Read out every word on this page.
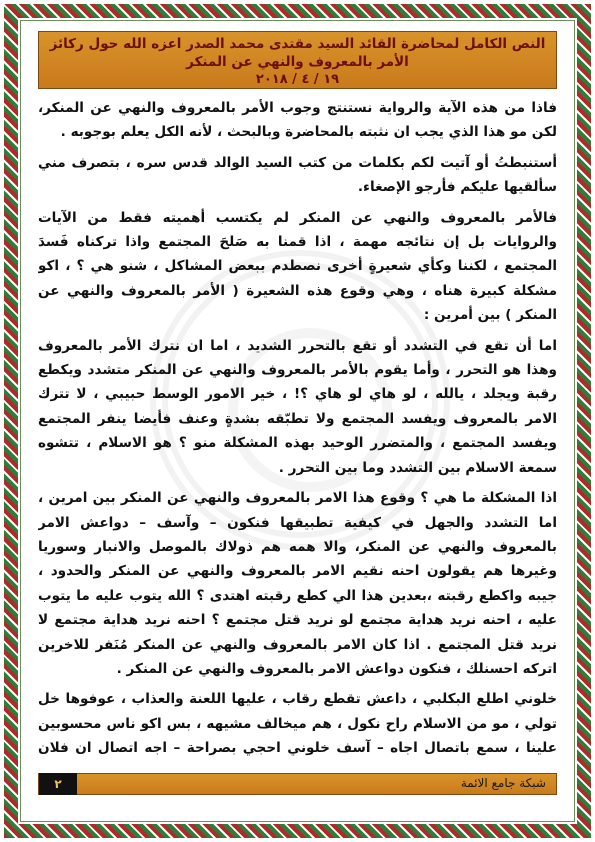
النص الكامل لمحاضرة القائد السيد مقتدى محمد الصدر اعزه الله حول ركائز الأمر بالمعروف والنهي عن المنكر
١٩ / ٤ / ٢٠١٨

فاذا من هذه الآية والرواية نستنتج وجوب الأمر بالمعروف والنهي عن المنكر، لكن مو هذا الذي يجب ان نثبته بالمحاضرة وبالبحث ، لأنه الكل يعلم بوجوبه .

أستنبطتُ أو آتيت لكم بكلمات من كتب السيد الوالد قدس سره ، بتصرف مني سألقيها عليكم فأرجو الإصغاء.

فالأمر بالمعروف والنهي عن المنكر لم يكتسب أهميته فقط من الآيات والروايات بل إن نتائجه مهمة ، اذا قمنا به صَلحَ المجتمع واذا تركناه فَسدَ المجتمع ، لكننا وكأي شعيرةٍ أخرى نصطدم ببعض المشاكل ، شنو هي ؟ ، اكو مشكلة كبيرة هناه ، وهي وقوع هذه الشعيرة ( الأمر بالمعروف والنهي عن المنكر ) بين أمرين :

اما أن تقع في التشدد أو تقع بالتحرر الشديد ، اما ان نترك الأمر بالمعروف وهذا هو التحرر ، وأما يقوم بالأمر بالمعروف والنهي عن المنكر متشدد ويكطع رقبة ويجلد ، يالله ، لو هاي لو هاي ؟! ، خير الامور الوسط حبيبي ، لا تترك الامر بالمعروف ويفسد المجتمع ولا تطبّقه بشدةٍ وعنف فأيضا ينفر المجتمع ويفسد المجتمع ، والمتضرر الوحيد بهذه المشكلة منو ؟ هو الاسلام ، تتشوه سمعة الاسلام بين التشدد وما بين التحرر .

اذا المشكلة ما هي ؟ وقوع هذا الامر بالمعروف والنهي عن المنكر بين امرين ، اما التشدد والجهل في كيفية تطبيقها فنكون – وآسف – دواعش الامر بالمعروف والنهي عن المنكر، والا همه هم ذولاك بالموصل والانبار وسوريا وغيرها هم يقولون احنه نقيم الامر بالمعروف والنهي عن المنكر والحدود ، جيبه واكطع رقبته ،بعدين هذا الي كطع رقبته اهتدى ؟ الله يتوب عليه ما يتوب عليه ، احنه نريد هداية مجتمع لو نريد قتل مجتمع ؟ احنه نريد هداية مجتمع لا نريد قتل المجتمع . اذا كان الامر بالمعروف والنهي عن المنكر مُنَفر للاخرين اتركه احسنلك ، فنكون دواعش الامر بالمعروف والنهي عن المنكر .

خلوني اطلع البكلبي ، داعش تقطع رقاب ، عليها اللعنة والعذاب ، عوفوها خل تولي ، مو من الاسلام راح نكول ، هم ميخالف مشيهه ، بس اكو ناس محسوبين علينا ، سمع باتصال اجاه – آسف خلوني احجي بصراحة – اجه اتصال ان فلان

شبكة جامع الائمة
٢
